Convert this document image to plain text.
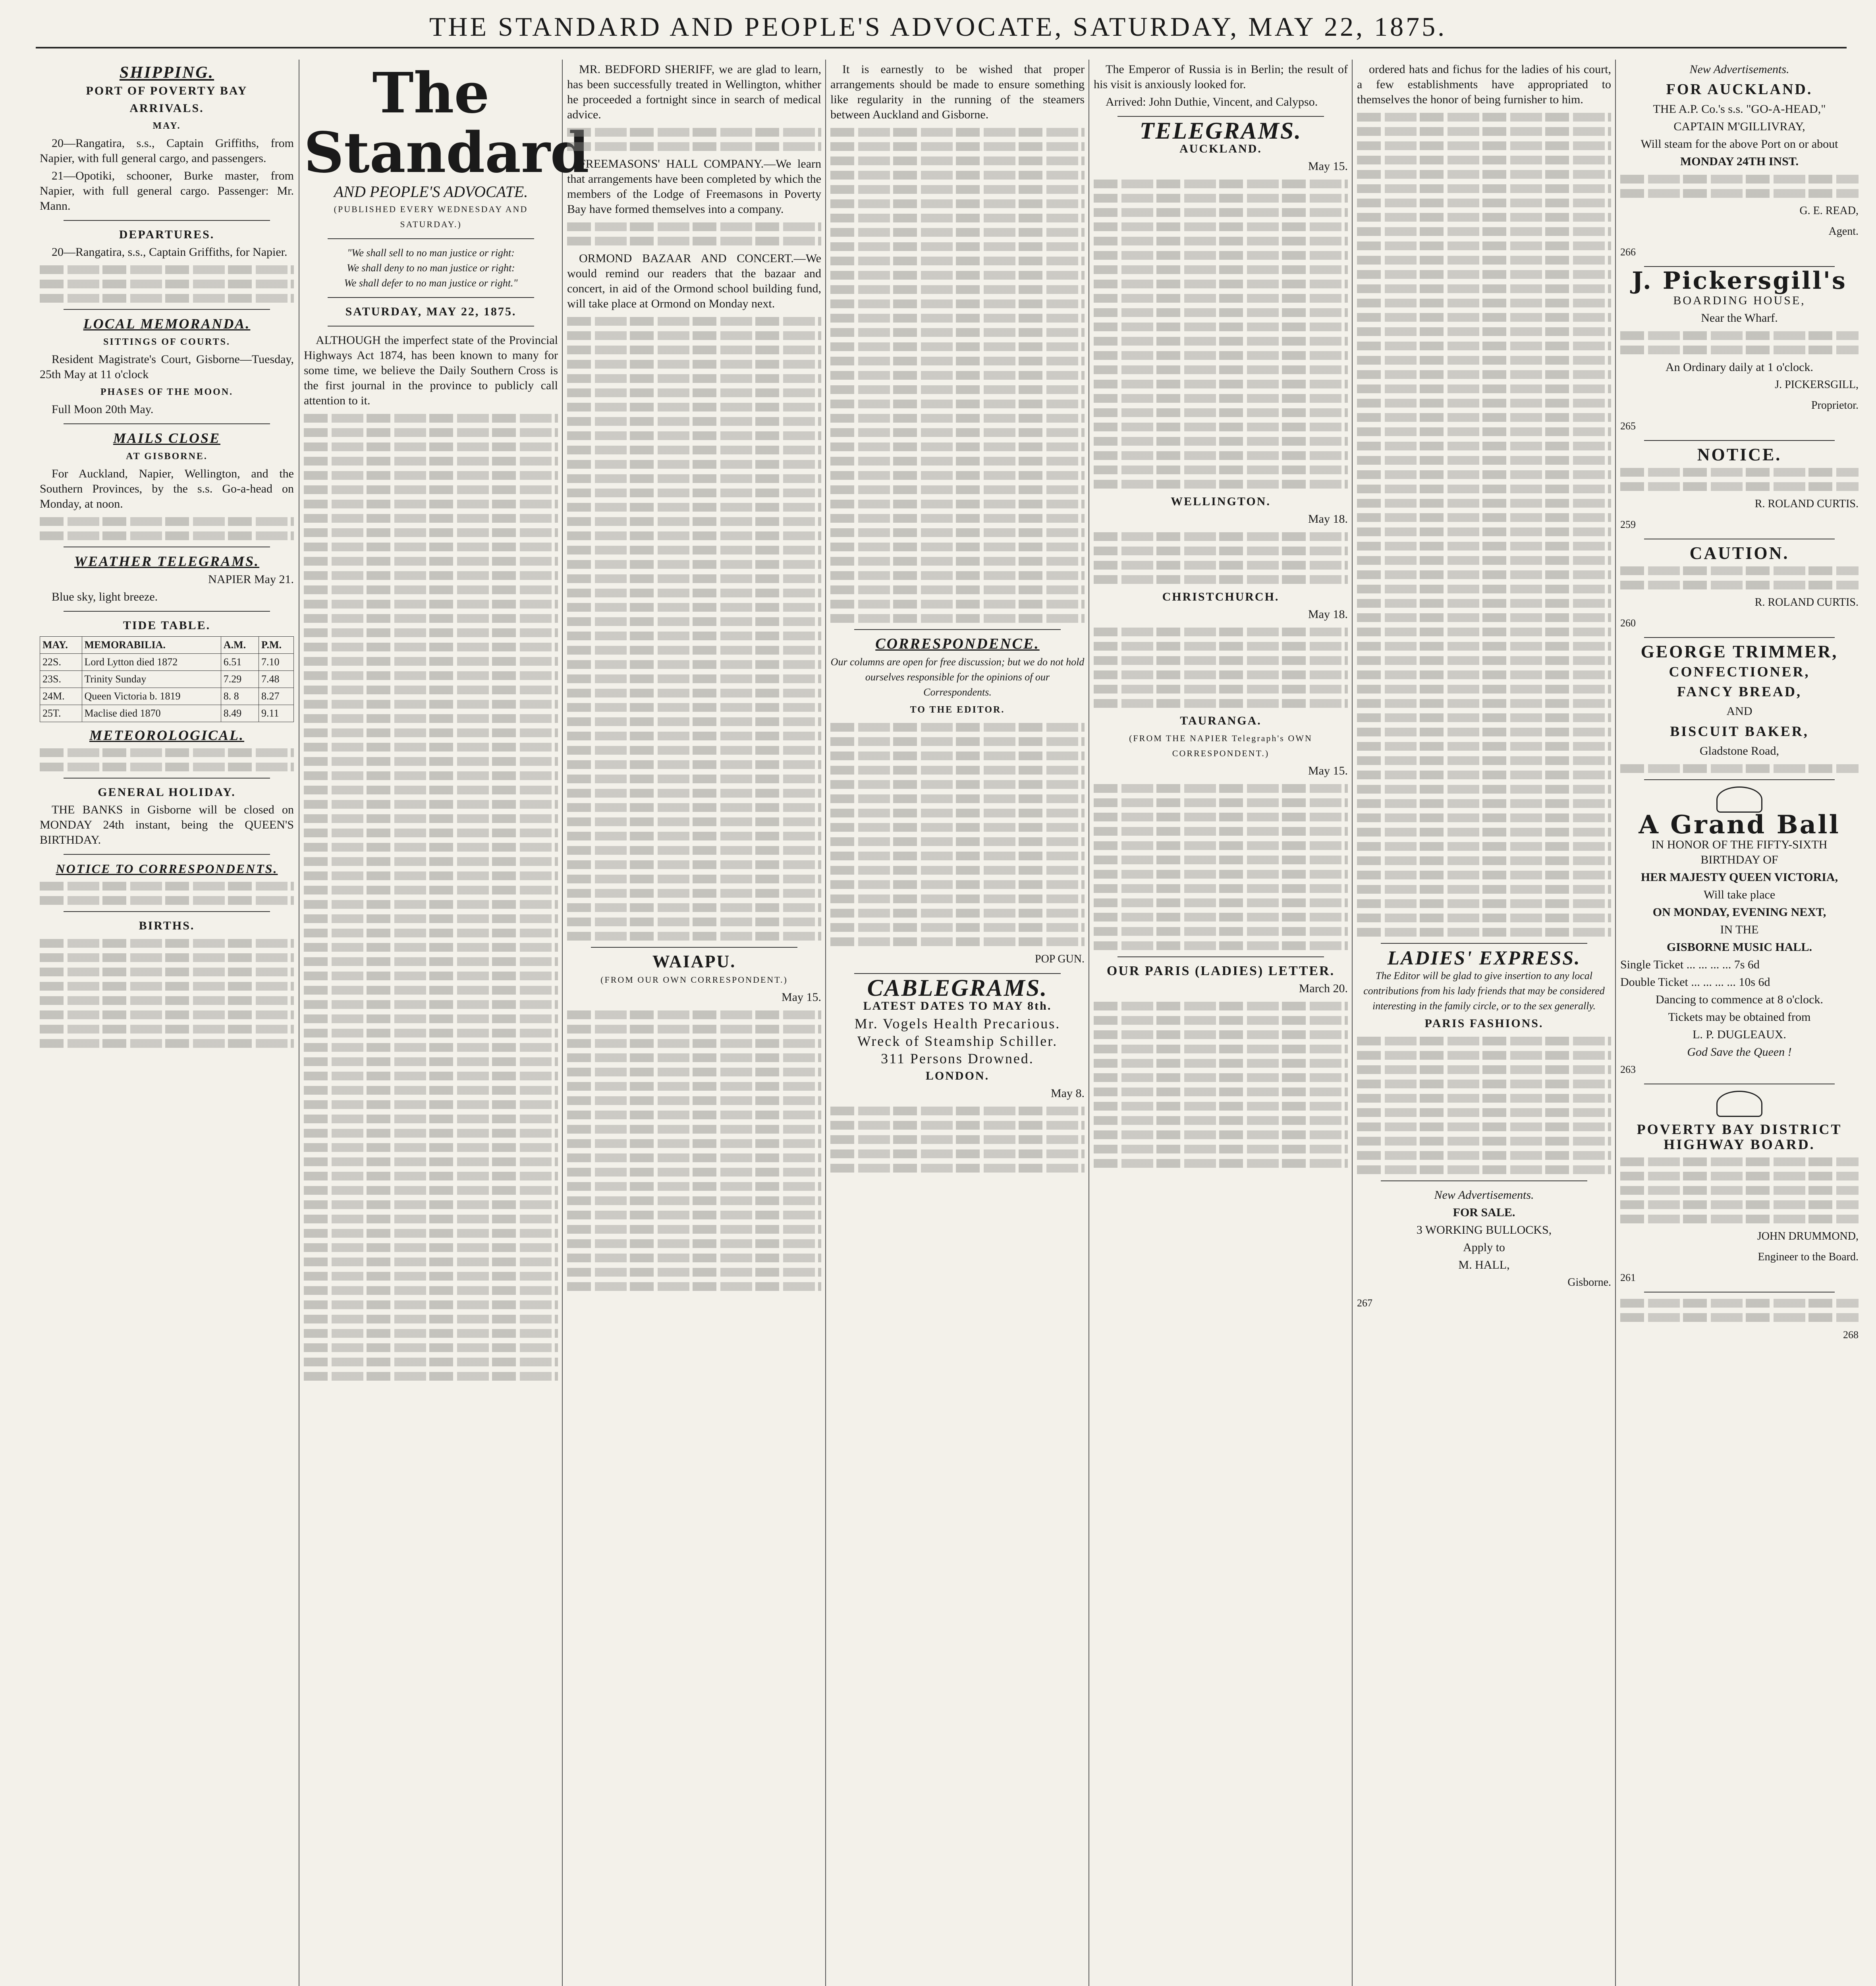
THE STANDARD AND PEOPLE'S ADVOCATE, SATURDAY, MAY 22, 1875.
SHIPPING.
PORT OF POVERTY BAY
ARRIVALS.
MAY.

20—Rangatira, s.s., Captain Griffiths, from Napier, with full general cargo, and passengers.

21—Opotiki, schooner, Burke master, from Napier, with full general cargo. Passenger: Mr. Mann.

DEPARTURES.

20—Rangatira, s.s., Captain Griffiths, for Napier.

LOCAL MEMORANDA.
SITTINGS OF COURTS.

Resident Magistrate's Court, Gisborne—Tuesday, 25th May at 11 o'clock

PHASES OF THE MOON.

Full Moon 20th May.

MAILS CLOSE
AT GISBORNE.

For Auckland, Napier, Wellington, and the Southern Provinces, by the s.s. Go-a-head on Monday, at noon.

WEATHER TELEGRAMS.
NAPIER May 21.

Blue sky, light breeze.

TIDE TABLE.
MAY.	MEMORABILIA.	A.M.	P.M.
22S.	Lord Lytton died 1872	6.51	7.10
23S.	Trinity Sunday	7.29	7.48
24M.	Queen Victoria b. 1819	8. 8	8.27
25T.	Maclise died 1870	8.49	9.11
METEOROLOGICAL.
GENERAL HOLIDAY.

THE BANKS in Gisborne will be closed on MONDAY 24th instant, being the QUEEN'S BIRTHDAY.

NOTICE TO CORRESPONDENTS.
BIRTHS.
The Standard
AND PEOPLE'S ADVOCATE.
(PUBLISHED EVERY WEDNESDAY AND SATURDAY.)
"We shall sell to no man justice or right:
We shall deny to no man justice or right:
We shall defer to no man justice or right."
SATURDAY, MAY 22, 1875.

ALTHOUGH the imperfect state of the Provincial Highways Act 1874, has been known to many for some time, we believe the Daily Southern Cross is the first journal in the province to publicly call attention to it.

MR. BEDFORD SHERIFF, we are glad to learn, has been successfully treated in Wellington, whither he proceeded a fortnight since in search of medical advice.

FREEMASONS' HALL COMPANY.—We learn that arrangements have been completed by which the members of the Lodge of Freemasons in Poverty Bay have formed themselves into a company.

ORMOND BAZAAR AND CONCERT.—We would remind our readers that the bazaar and concert, in aid of the Ormond school building fund, will take place at Ormond on Monday next.

WAIAPU.
(FROM OUR OWN CORRESPONDENT.)
May 15.

It is earnestly to be wished that proper arrangements should be made to ensure something like regularity in the running of the steamers between Auckland and Gisborne.

CORRESPONDENCE.
Our columns are open for free discussion; but we do not hold ourselves responsible for the opinions of our Correspondents.
TO THE EDITOR.
POP GUN.
CABLEGRAMS.
LATEST DATES TO MAY 8th.
Mr. Vogels Health Precarious.
Wreck of Steamship Schiller.
311 Persons Drowned.
LONDON.
May 8.

The Emperor of Russia is in Berlin; the result of his visit is anxiously looked for.

Arrived: John Duthie, Vincent, and Calypso.

TELEGRAMS.
AUCKLAND.
May 15.
WELLINGTON.
May 18.
CHRISTCHURCH.
May 18.
TAURANGA.
(FROM THE NAPIER Telegraph's OWN CORRESPONDENT.)
May 15.
OUR PARIS (LADIES) LETTER.
March 20.

ordered hats and fichus for the ladies of his court, a few establishments have appropriated to themselves the honor of being furnisher to him.

LADIES' EXPRESS.
The Editor will be glad to give insertion to any local contributions from his lady friends that may be considered interesting in the family circle, or to the sex generally.
PARIS FASHIONS.
New Advertisements.
FOR SALE.
3 WORKING BULLOCKS,
Apply to
M. HALL,
Gisborne.
267
New Advertisements.
FOR AUCKLAND.
THE A.P. Co.'s s.s. "GO-A-HEAD,"
CAPTAIN M'GILLIVRAY,
Will steam for the above Port on or about
MONDAY 24TH INST.
G. E. READ,
Agent.
266
J. Pickersgill's
BOARDING HOUSE,
Near the Wharf.
An Ordinary daily at 1 o'clock.
J. PICKERSGILL,
Proprietor.
265
NOTICE.
R. ROLAND CURTIS.
259
CAUTION.
R. ROLAND CURTIS.
260
GEORGE TRIMMER,
CONFECTIONER,
FANCY BREAD,
AND
BISCUIT BAKER,
Gladstone Road,
A Grand Ball
IN HONOR OF THE FIFTY-SIXTH BIRTHDAY OF
HER MAJESTY QUEEN VICTORIA,
Will take place
ON MONDAY, EVENING NEXT,
IN THE
GISBORNE MUSIC HALL.
Single Ticket ... ... ... ... 7s 6d
Double Ticket ... ... ... ... 10s 6d
Dancing to commence at 8 o'clock.
Tickets may be obtained from
L. P. DUGLEAUX.
God Save the Queen !
263
POVERTY BAY DISTRICT HIGHWAY BOARD.
JOHN DRUMMOND,
Engineer to the Board.
261
268
